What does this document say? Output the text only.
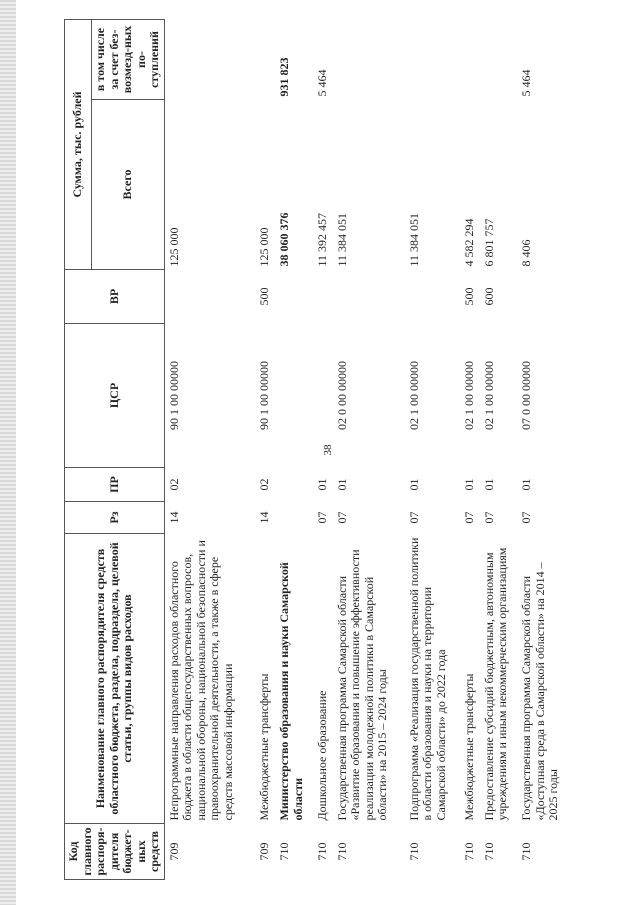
38
Код главного распоря-дителя бюджет-ных средств	Наименование главного распорядителя средств областного бюджета, раздела, подраздела, целевой статьи, группы видов расходов	Рз	ПР	ЦСР	ВР	Сумма, тыс. рублей	
						Всего	в том числе за счет без-возмезд-ных по-ступлений
709	Непрограммные направления расходов областного бюджета в области общегосударственных вопросов, национальной обороны, национальной безопасности и правоохранительной деятельности, а также в сфере средств массовой информации	14	02	90 1 00 00000		125 000	
709	Межбюджетные трансферты	14	02	90 1 00 00000	500	125 000	
710	Министерство образования и науки Самарской области					38 060 376	931 823
710	Дошкольное образование	07	01			11 392 457	5 464
710	Государственная программа Самарской области «Развитие образования и повышение эффективности реализации молодежной политики в Самарской области» на 2015 – 2024 годы	07	01	02 0 00 00000		11 384 051	
710	Подпрограмма «Реализация государственной политики в области образования и науки на территории Самарской области» до 2022 года	07	01	02 1 00 00000		11 384 051	
710	Межбюджетные трансферты	07	01	02 1 00 00000	500	4 582 294	
710	Предоставление субсидий бюджетным, автономным учреждениям и иным некоммерческим организациям	07	01	02 1 00 00000	600	6 801 757	
710	Государственная программа Самарской области «Доступная среда в Самарской области» на 2014 – 2025 годы	07	01	07 0 00 00000		8 406	5 464
